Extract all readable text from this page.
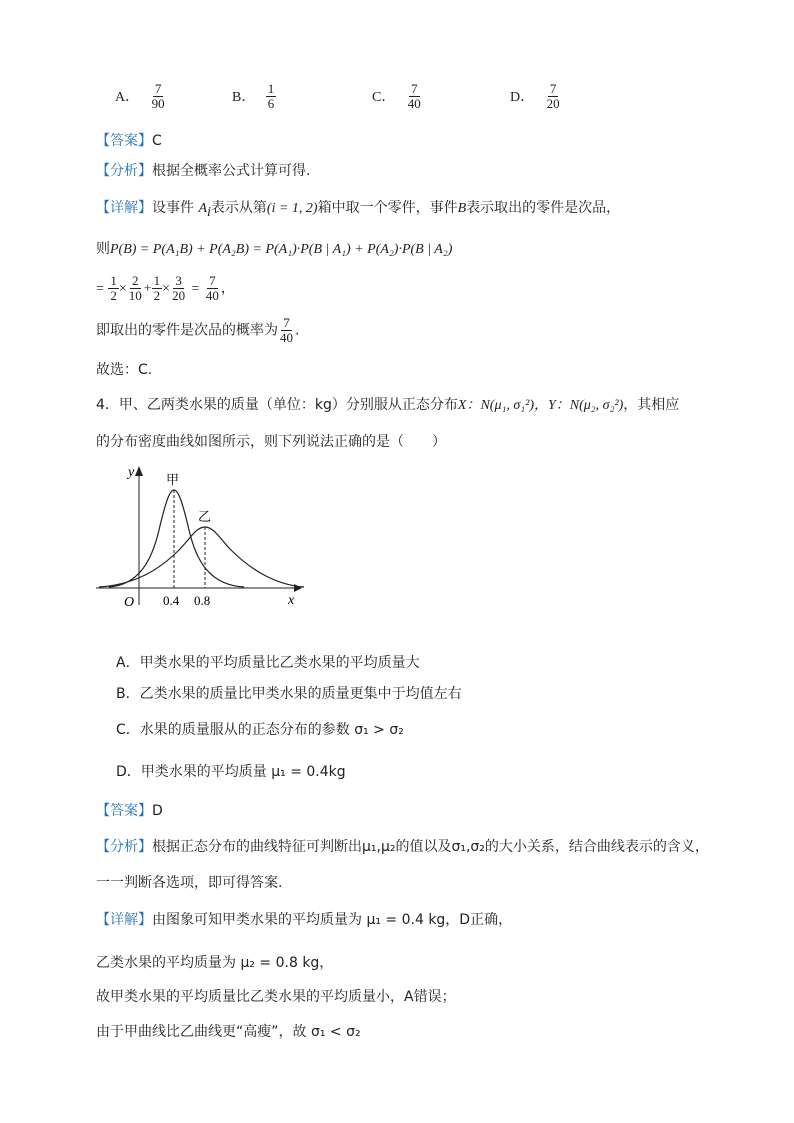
A． $\frac{7}{90}$	B． $\frac{1}{6}$	C． $\frac{7}{40}$	D． $\frac{7}{20}$
【答案】C
【分析】根据全概率公式计算可得.
【详解】设事件 $A_i$表示从第(i = 1, 2)箱中取一个零件，事件B表示取出的零件是次品，
则P(B) = P(A₁B) + P(A₂B) = P(A₁)·P(B | A₁) + P(A₂)·P(B | A₂)
= $\frac{1}{2} \times \frac{2}{10} + \frac{1}{2} \times \frac{3}{20} = \frac{7}{40}$ ，
即取出的零件是次品的概率为 $\frac{7}{40}$ .
故选：C.
4．甲、乙两类水果的质量（单位：kg）分别服从正态分布X：N(μ₁, σ₁²)，Y：N(μ₂, σ₂²)，其相应
的分布密度曲线如图所示，则下列说法正确的是（　　）
y
x
O
甲
乙
0.4 0.8
A．甲类水果的平均质量比乙类水果的平均质量大
B．乙类水果的质量比甲类水果的质量更集中于均值左右
C．水果的质量服从的正态分布的参数 σ₁ > σ₂
D．甲类水果的平均质量 μ₁ = 0.4kg
【答案】D
【分析】根据正态分布的曲线特征可判断出μ₁,μ₂的值以及σ₁,σ₂的大小关系，结合曲线表示的含义，
一一判断各选项，即可得答案.
【详解】由图象可知甲类水果的平均质量为 μ₁ = 0.4 kg，D正确，
乙类水果的平均质量为 μ₂ = 0.8 kg，
故甲类水果的平均质量比乙类水果的平均质量小，A错误；
由于甲曲线比乙曲线更“高瘦”，故 σ₁ < σ₂
